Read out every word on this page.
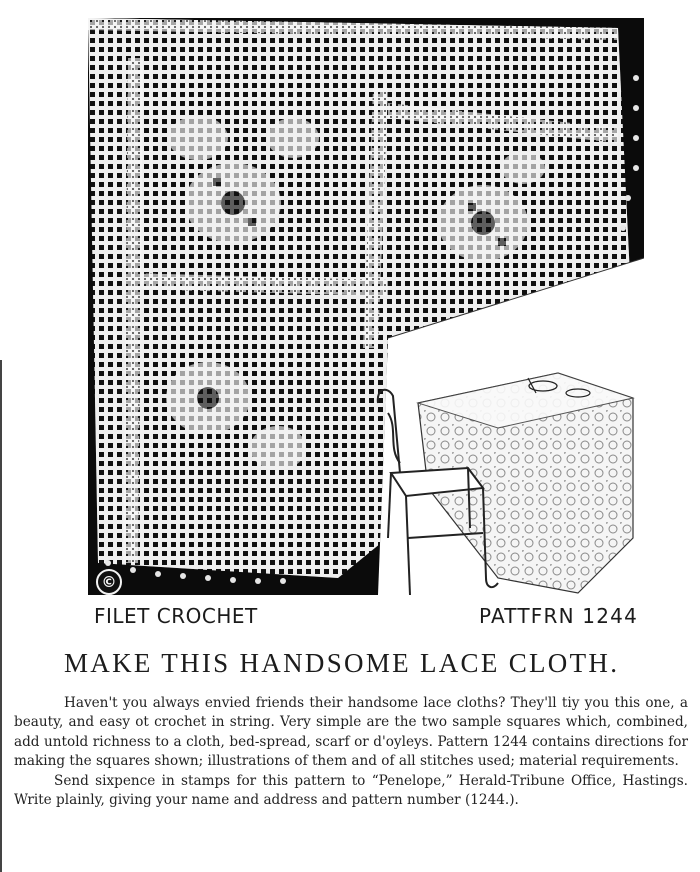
©
FILET CROCHET	PATTFRN 1244
MAKE THIS HANDSOME LACE CLOTH.

Haven't you always envied friends their handsome lace cloths? They'll tiy you this one, a beauty, and easy ot crochet in string. Very simple are the two sample squares which, combined, add untold richness to a cloth, bed-spread, scarf or d'oyleys. Pattern 1244 contains directions for making the squares shown; illustrations of them and of all stitches used; material requirements.

Send sixpence in stamps for this pattern to “Penelope,” Herald-Tribune Office, Hastings. Write plainly, giving your name and address and pattern number (1244.).
